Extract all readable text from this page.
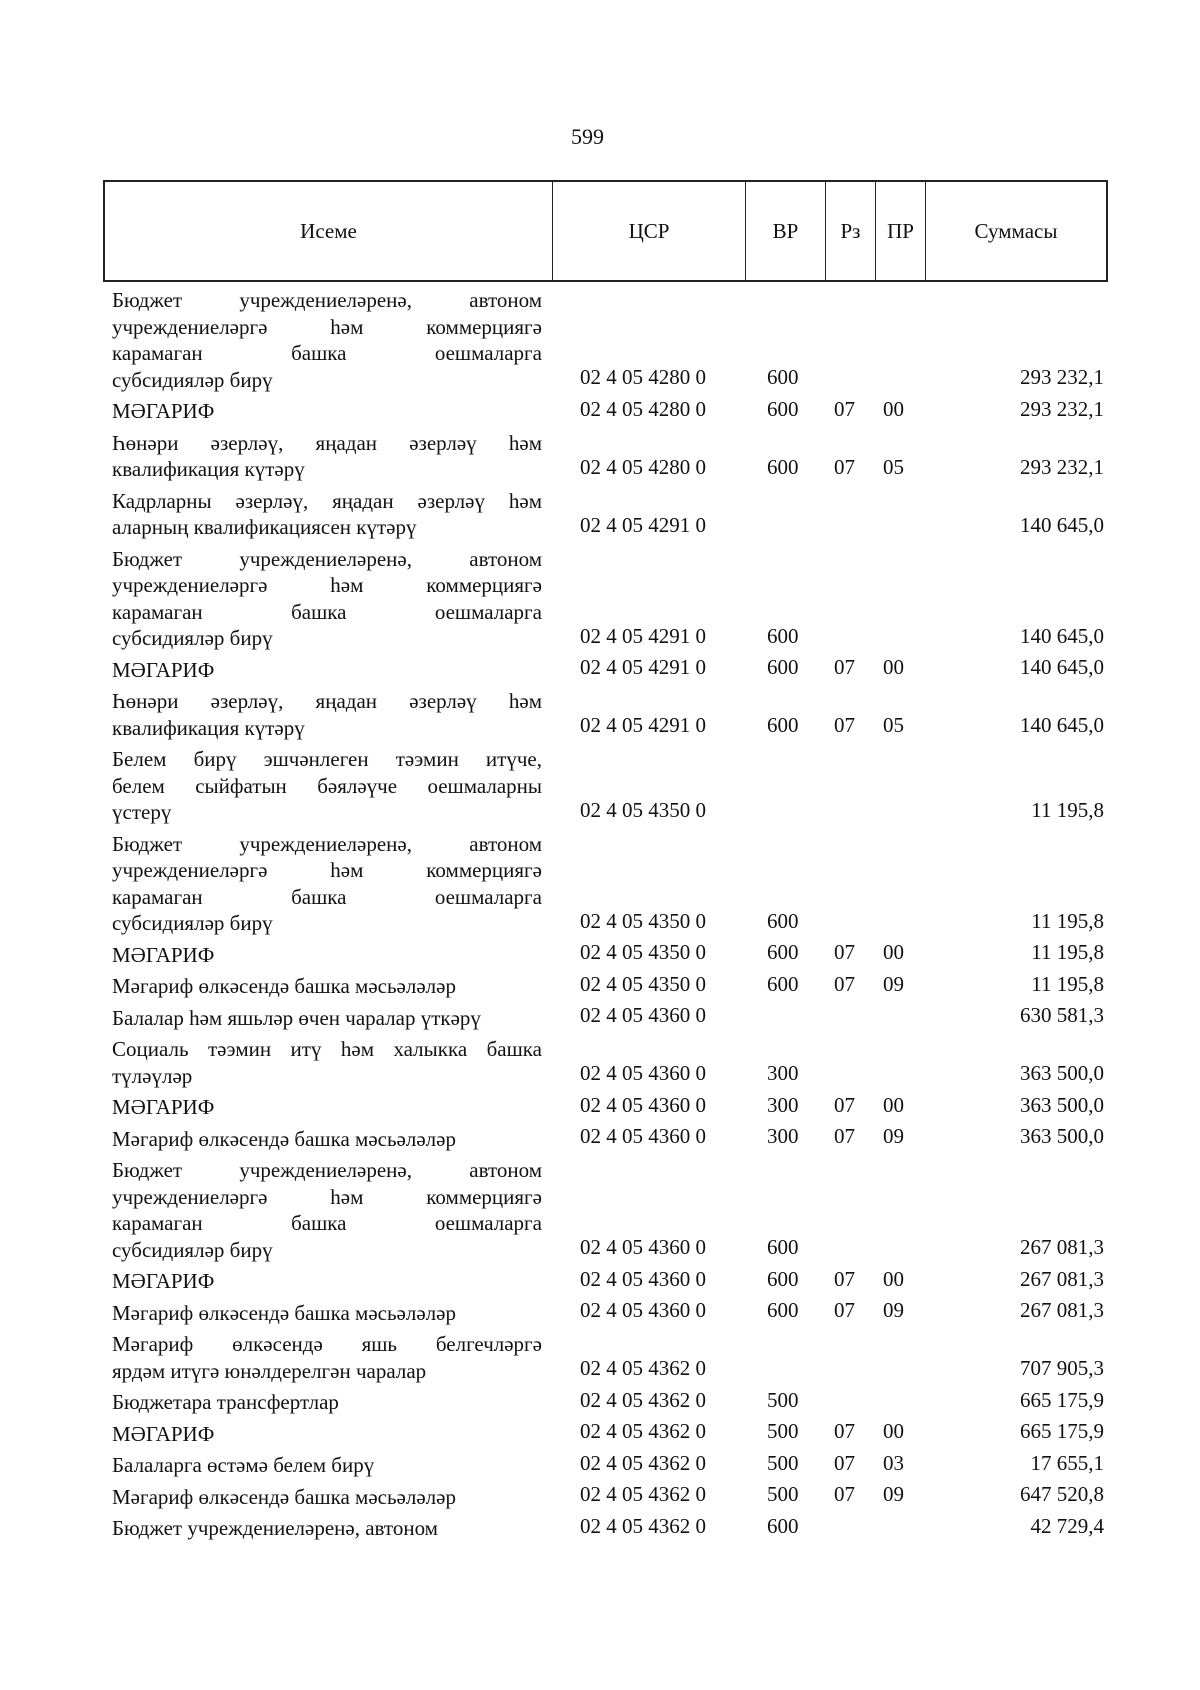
599
Исеме	ЦСР	ВР	Рз	ПР	Суммасы
Бюджет учреждениеләренә, автоном
учреждениеләргә һәм коммерциягә
карамаган башка оешмаларга
субсидияләр бирү	02 4 05 4280 0	600	293 232,1
МӘГАРИФ	02 4 05 4280 0	600 07 00	293 232,1
Һөнәри әзерләү, яңадан әзерләү һәм
квалификация күтәрү	02 4 05 4280 0	600 07 05	293 232,1
Кадрларны әзерләү, яңадан әзерләү һәм
аларның квалификациясен күтәрү	02 4 05 4291 0	140 645,0
Бюджет учреждениеләренә, автоном
учреждениеләргә һәм коммерциягә
карамаган башка оешмаларга
субсидияләр бирү	02 4 05 4291 0	600	140 645,0
МӘГАРИФ	02 4 05 4291 0	600 07 00	140 645,0
Һөнәри әзерләү, яңадан әзерләү һәм
квалификация күтәрү	02 4 05 4291 0	600 07 05	140 645,0
Белем бирү эшчәнлеген тәэмин итүче,
белем сыйфатын бәяләүче оешмаларны
үстерү	02 4 05 4350 0	11 195,8
Бюджет учреждениеләренә, автоном
учреждениеләргә һәм коммерциягә
карамаган башка оешмаларга
субсидияләр бирү	02 4 05 4350 0	600	11 195,8
МӘГАРИФ	02 4 05 4350 0	600 07 00	11 195,8
Мәгариф өлкәсендә башка мәсьәләләр	02 4 05 4350 0	600 07 09	11 195,8
Балалар һәм яшьләр өчен чаралар үткәрү	02 4 05 4360 0	630 581,3
Социаль тәэмин итү һәм халыкка башка
түләүләр	02 4 05 4360 0	300	363 500,0
МӘГАРИФ	02 4 05 4360 0	300 07 00	363 500,0
Мәгариф өлкәсендә башка мәсьәләләр	02 4 05 4360 0	300 07 09	363 500,0
Бюджет учреждениеләренә, автоном
учреждениеләргә һәм коммерциягә
карамаган башка оешмаларга
субсидияләр бирү	02 4 05 4360 0	600	267 081,3
МӘГАРИФ	02 4 05 4360 0	600 07 00	267 081,3
Мәгариф өлкәсендә башка мәсьәләләр	02 4 05 4360 0	600 07 09	267 081,3
Мәгариф өлкәсендә яшь белгечләргә
ярдәм итүгә юнәлдерелгән чаралар	02 4 05 4362 0	707 905,3
Бюджетара трансфертлар	02 4 05 4362 0	500	665 175,9
МӘГАРИФ	02 4 05 4362 0	500 07 00	665 175,9
Балаларга өстәмә белем бирү	02 4 05 4362 0	500 07 03	17 655,1
Мәгариф өлкәсендә башка мәсьәләләр	02 4 05 4362 0	500 07 09	647 520,8
Бюджет учреждениеләренә, автоном	02 4 05 4362 0	600	42 729,4
